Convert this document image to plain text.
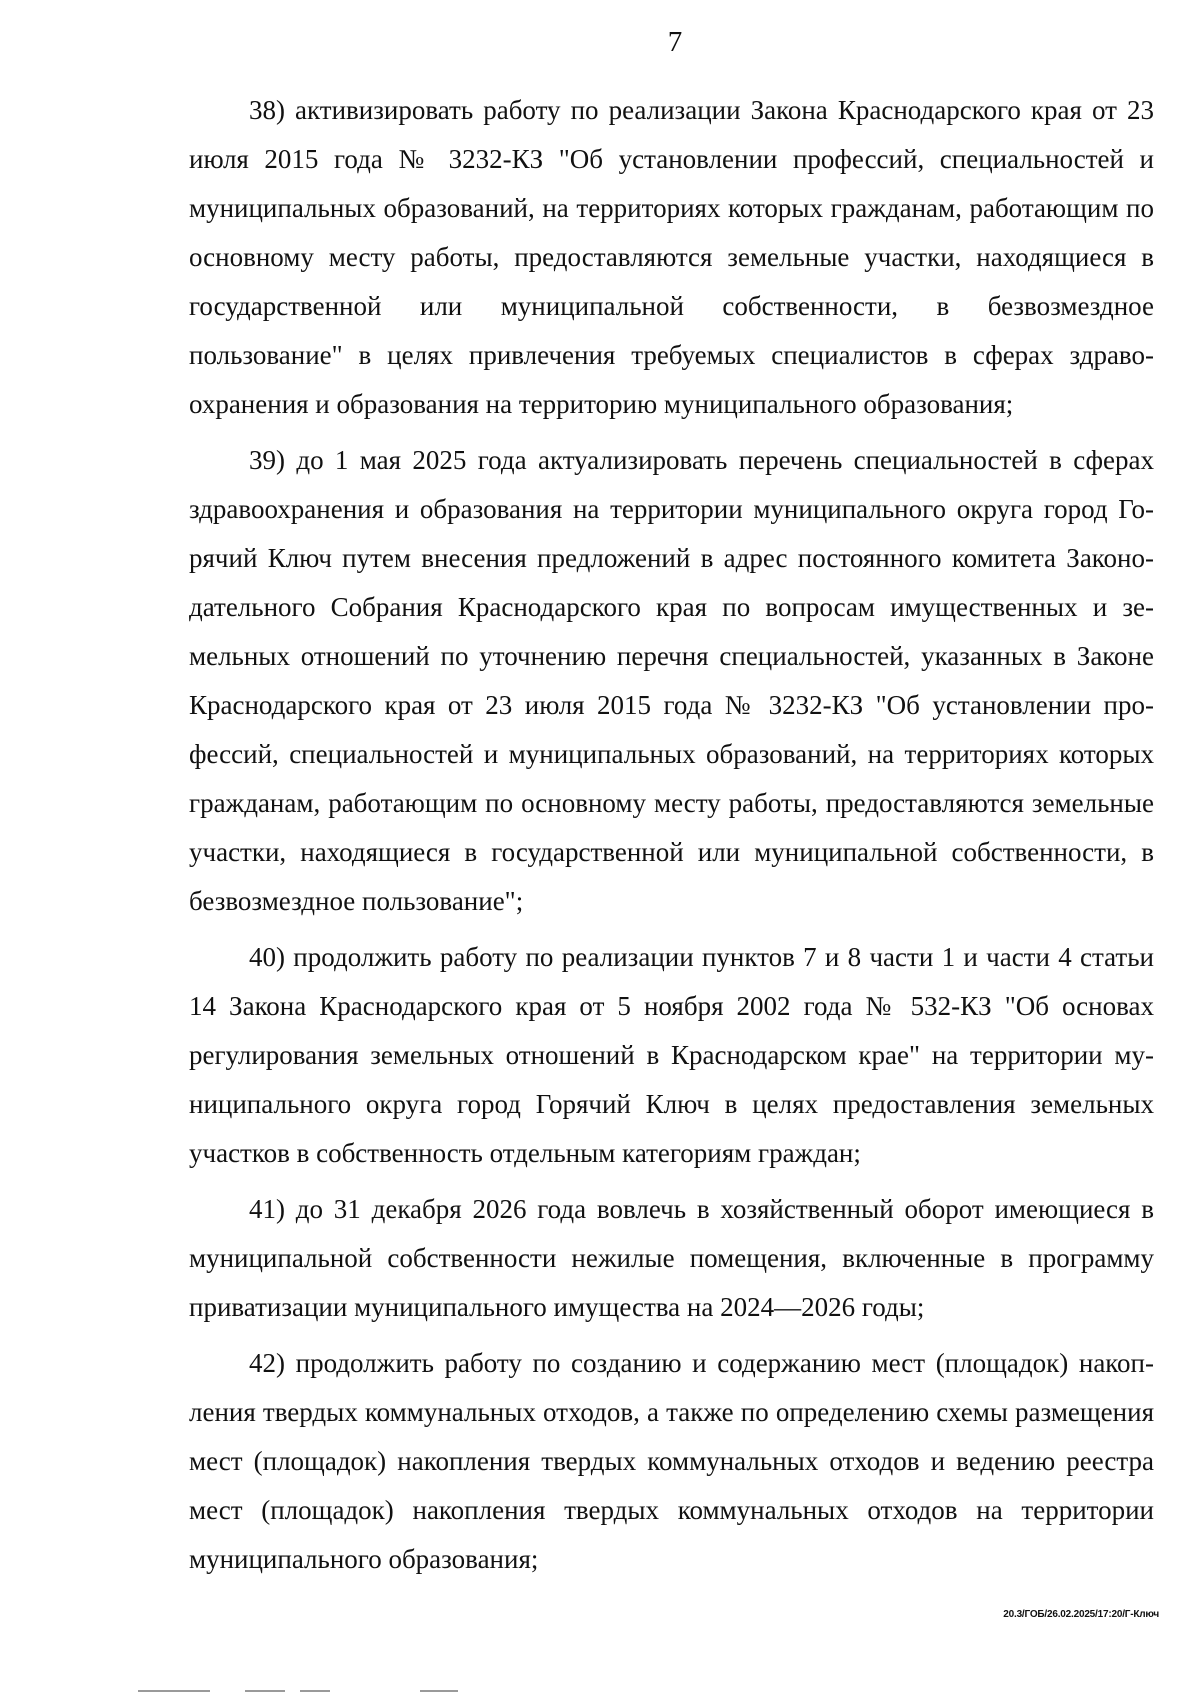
7

38) активизировать работу по реализации Закона Краснодарского края от 23 июля 2015 года № 3232-КЗ "Об установлении профессий, специальностей и муниципальных образований, на территориях которых гражданам, работающим по основному месту работы, предоставляются земельные участки, находящиеся в государственной или муниципальной собственности, в безвозмездное пользование" в целях привлечения требуемых специалистов в сферах здравоохранения и образования на территорию муниципального образования;

39) до 1 мая 2025 года актуализировать перечень специальностей в сферах здравоохранения и образования на территории муниципального округа город Горячий Ключ путем внесения предложений в адрес постоянного комитета Законодательного Собрания Краснодарского края по вопросам имущественных и земельных отношений по уточнению перечня специальностей, указанных в Законе Краснодарского края от 23 июля 2015 года № 3232-КЗ "Об установлении профессий, специальностей и муниципальных образований, на территориях которых гражданам, работающим по основному месту работы, предоставляются земельные участки, находящиеся в государственной или муниципальной собственности, в безвозмездное пользование";

40) продолжить работу по реализации пунктов 7 и 8 части 1 и части 4 статьи 14 Закона Краснодарского края от 5 ноября 2002 года № 532-КЗ "Об основах регулирования земельных отношений в Краснодарском крае" на территории муниципального округа город Горячий Ключ в целях предоставления земельных участков в собственность отдельным категориям граждан;

41) до 31 декабря 2026 года вовлечь в хозяйственный оборот имеющиеся в муниципальной собственности нежилые помещения, включенные в программу приватизации муниципального имущества на 2024—2026 годы;

42) продолжить работу по созданию и содержанию мест (площадок) накопления твердых коммунальных отходов, а также по определению схемы размещения мест (площадок) накопления твердых коммунальных отходов и ведению реестра мест (площадок) накопления твердых коммунальных отходов на территории муниципального образования;

20.3/ГОБ/26.02.2025/17:20/Г-Ключ
